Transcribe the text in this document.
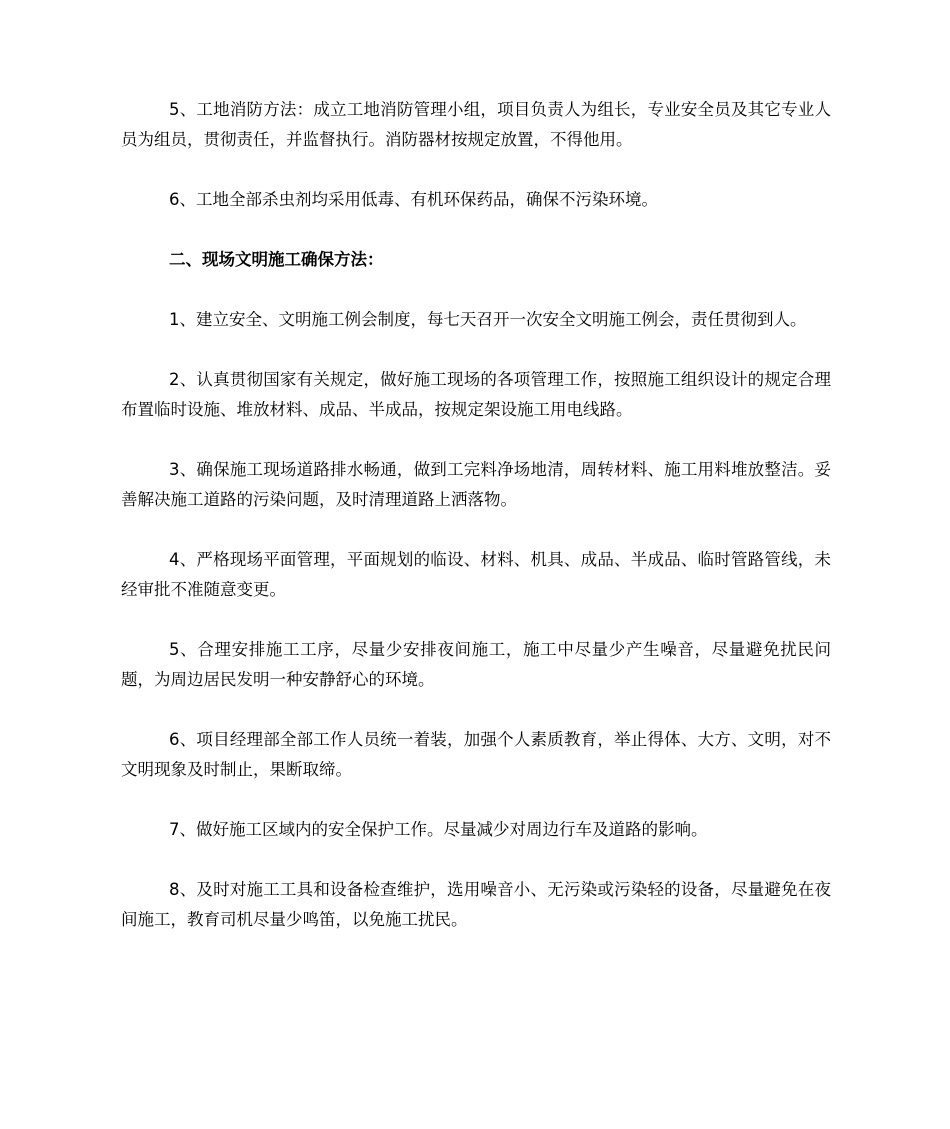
5、工地消防方法：成立工地消防管理小组，项目负责人为组长，专业安全员及其它专业人员为组员，贯彻责任，并监督执行。消防器材按规定放置，不得他用。

6、工地全部杀虫剂均采用低毒、有机环保药品，确保不污染环境。

二、现场文明施工确保方法：

1、建立安全、文明施工例会制度，每七天召开一次安全文明施工例会，责任贯彻到人。

2、认真贯彻国家有关规定，做好施工现场的各项管理工作，按照施工组织设计的规定合理布置临时设施、堆放材料、成品、半成品，按规定架设施工用电线路。

3、确保施工现场道路排水畅通，做到工完料净场地清，周转材料、施工用料堆放整洁。妥善解决施工道路的污染问题，及时清理道路上洒落物。

4、严格现场平面管理，平面规划的临设、材料、机具、成品、半成品、临时管路管线，未经审批不准随意变更。

5、合理安排施工工序，尽量少安排夜间施工，施工中尽量少产生噪音，尽量避免扰民问题，为周边居民发明一种安静舒心的环境。

6、项目经理部全部工作人员统一着装，加强个人素质教育，举止得体、大方、文明，对不文明现象及时制止，果断取缔。

7、做好施工区域内的安全保护工作。尽量减少对周边行车及道路的影响。

8、及时对施工工具和设备检查维护，选用噪音小、无污染或污染轻的设备，尽量避免在夜间施工，教育司机尽量少鸣笛，以免施工扰民。
